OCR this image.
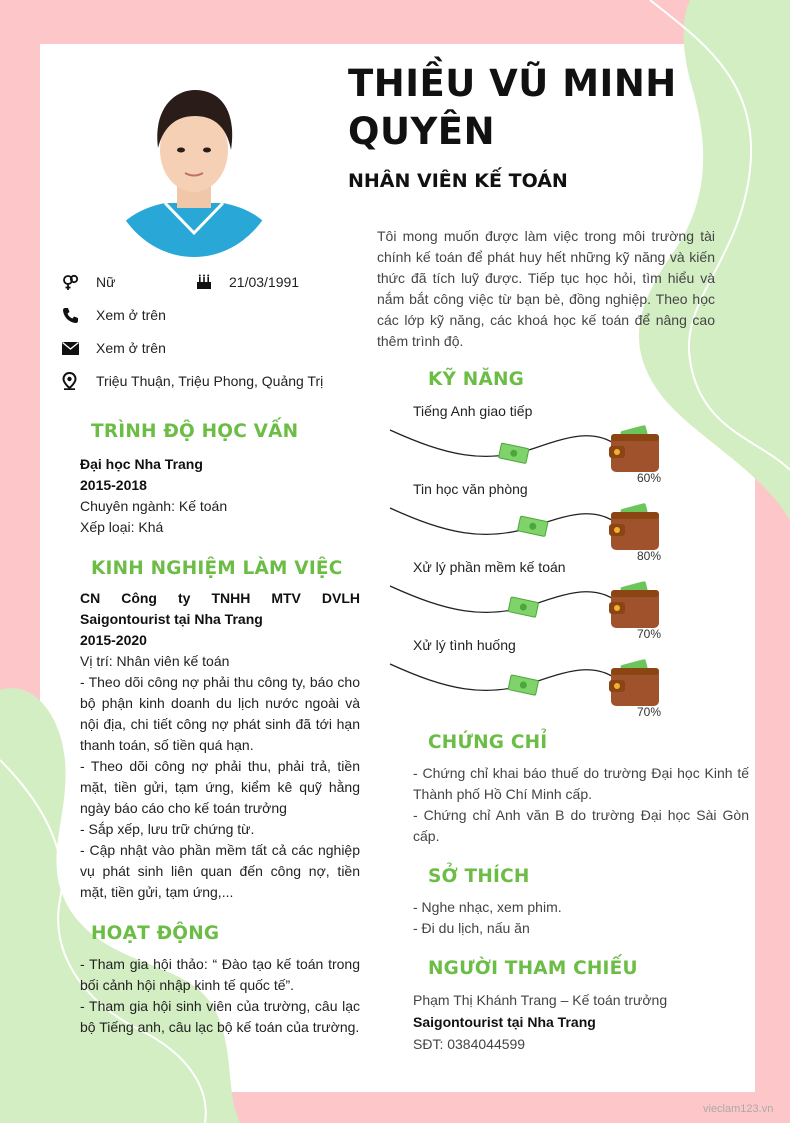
THIỀU VŨ MINH
QUYÊN
NHÂN VIÊN KẾ TOÁN
Tôi mong muốn được làm việc trong môi trường tài chính kế toán để phát huy hết những kỹ năng và kiến thức đã tích luỹ được. Tiếp tục học hỏi, tìm hiểu và nắm bắt công việc từ bạn bè, đồng nghiệp. Theo học các lớp kỹ năng, các khoá học kế toán để nâng cao thêm trình độ.
Nữ	21/03/1991
Xem ở trên
Xem ở trên
Triệu Thuận, Triệu Phong, Quảng Trị
TRÌNH ĐỘ HỌC VẤN
Đại học Nha Trang
2015-2018
Chuyên ngành: Kế toán
Xếp loại: Khá
KINH NGHIỆM LÀM VIỆC
CN Công ty TNHH MTV DVLH
Saigontourist tại Nha Trang
2015-2020
Vị trí: Nhân viên kế toán
- Theo dõi công nợ phải thu công ty, báo cho bộ phận kinh doanh du lịch nước ngoài và nội địa, chi tiết công nợ phát sinh đã tới hạn thanh toán, số tiền quá hạn.
- Theo dõi công nợ phải thu, phải trả, tiền mặt, tiền gửi, tạm ứng, kiểm kê quỹ hằng ngày báo cáo cho kế toán trưởng
- Sắp xếp, lưu trữ chứng từ.
- Cập nhật vào phần mềm tất cả các nghiệp vụ phát sinh liên quan đến công nợ, tiền mặt, tiền gửi, tạm ứng,...
HOẠT ĐỘNG
- Tham gia hội thảo: “ Đào tạo kế toán trong bối cảnh hội nhập kinh tế quốc tế”.
- Tham gia hội sinh viên của trường, câu lạc bộ Tiếng anh, câu lạc bộ kế toán của trường.
KỸ NĂNG
Tiếng Anh giao tiếp
60%
Tin học văn phòng
80%
Xử lý phần mềm kế toán
70%
Xử lý tình huống
70%
CHỨNG CHỈ
- Chứng chỉ khai báo thuế do trường Đại học Kinh tế Thành phố Hồ Chí Minh cấp.
- Chứng chỉ Anh văn B do trường Đại học Sài Gòn cấp.
SỞ THÍCH
- Nghe nhạc, xem phim.
- Đi du lịch, nấu ăn
NGƯỜI THAM CHIẾU
Phạm Thị Khánh Trang – Kế toán trưởng
Saigontourist tại Nha Trang
SĐT: 0384044599
vieclam123.vn
